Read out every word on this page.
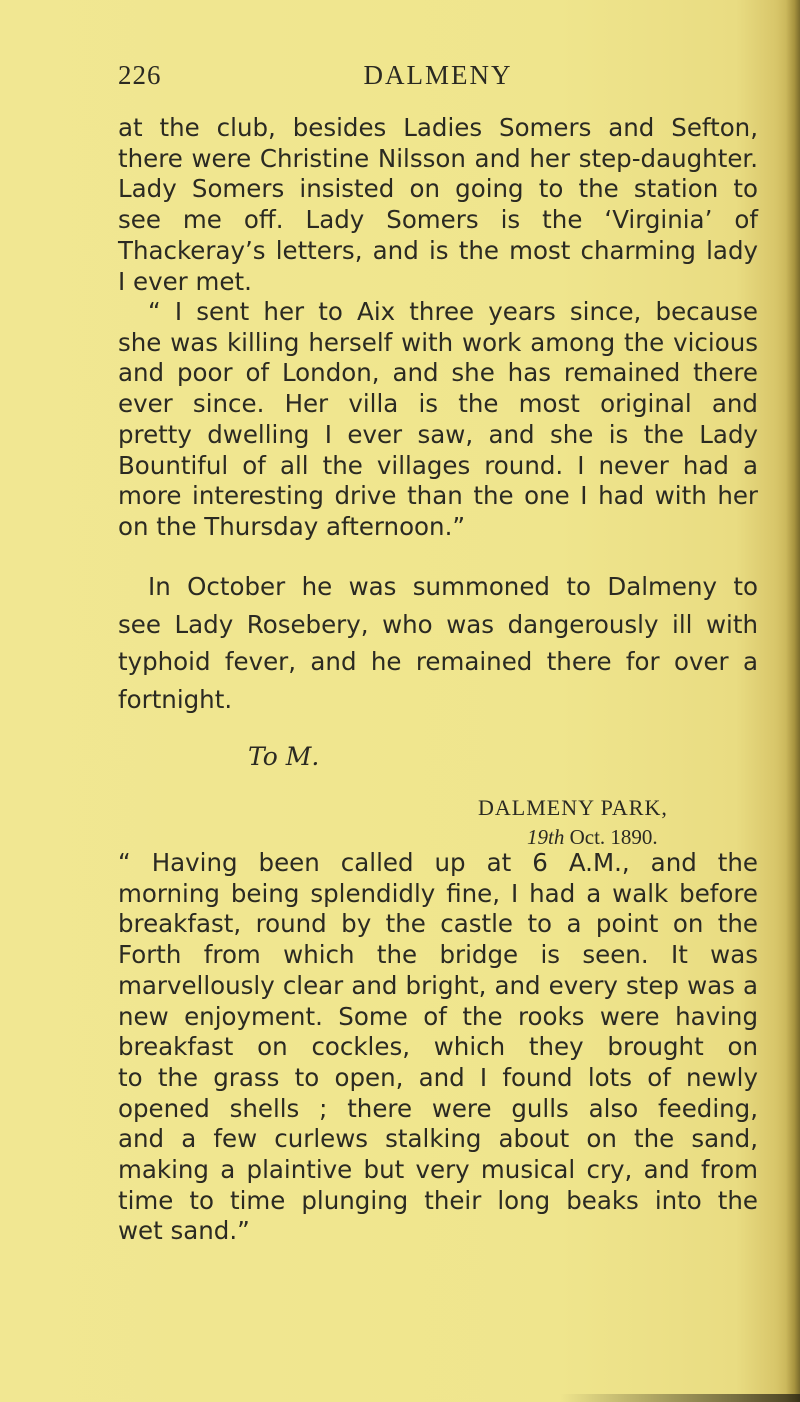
226	DALMENY
at the club, besides Ladies Somers and Sefton,
there were Christine Nilsson and her step-daughter.
Lady Somers insisted on going to the station to
see me off. Lady Somers is the ‘Virginia’ of
Thackeray’s letters, and is the most charming lady
I ever met.
“ I sent her to Aix three years since, because
she was killing herself with work among the vicious
and poor of London, and she has remained there
ever since. Her villa is the most original and
pretty dwelling I ever saw, and she is the Lady
Bountiful of all the villages round. I never had a
more interesting drive than the one I had with her
on the Thursday afternoon.”
In October he was summoned to Dalmeny to
see Lady Rosebery, who was dangerously ill with
typhoid fever, and he remained there for over a
fortnight.
To M.
DALMENY PARK,
19th Oct. 1890.
“ Having been called up at 6 A.M., and the
morning being splendidly fine, I had a walk before
breakfast, round by the castle to a point on the
Forth from which the bridge is seen. It was
marvellously clear and bright, and every step was a
new enjoyment. Some of the rooks were having
breakfast on cockles, which they brought on
to the grass to open, and I found lots of newly
opened shells ; there were gulls also feeding,
and a few curlews stalking about on the sand,
making a plaintive but very musical cry, and from
time to time plunging their long beaks into the
wet sand.”
